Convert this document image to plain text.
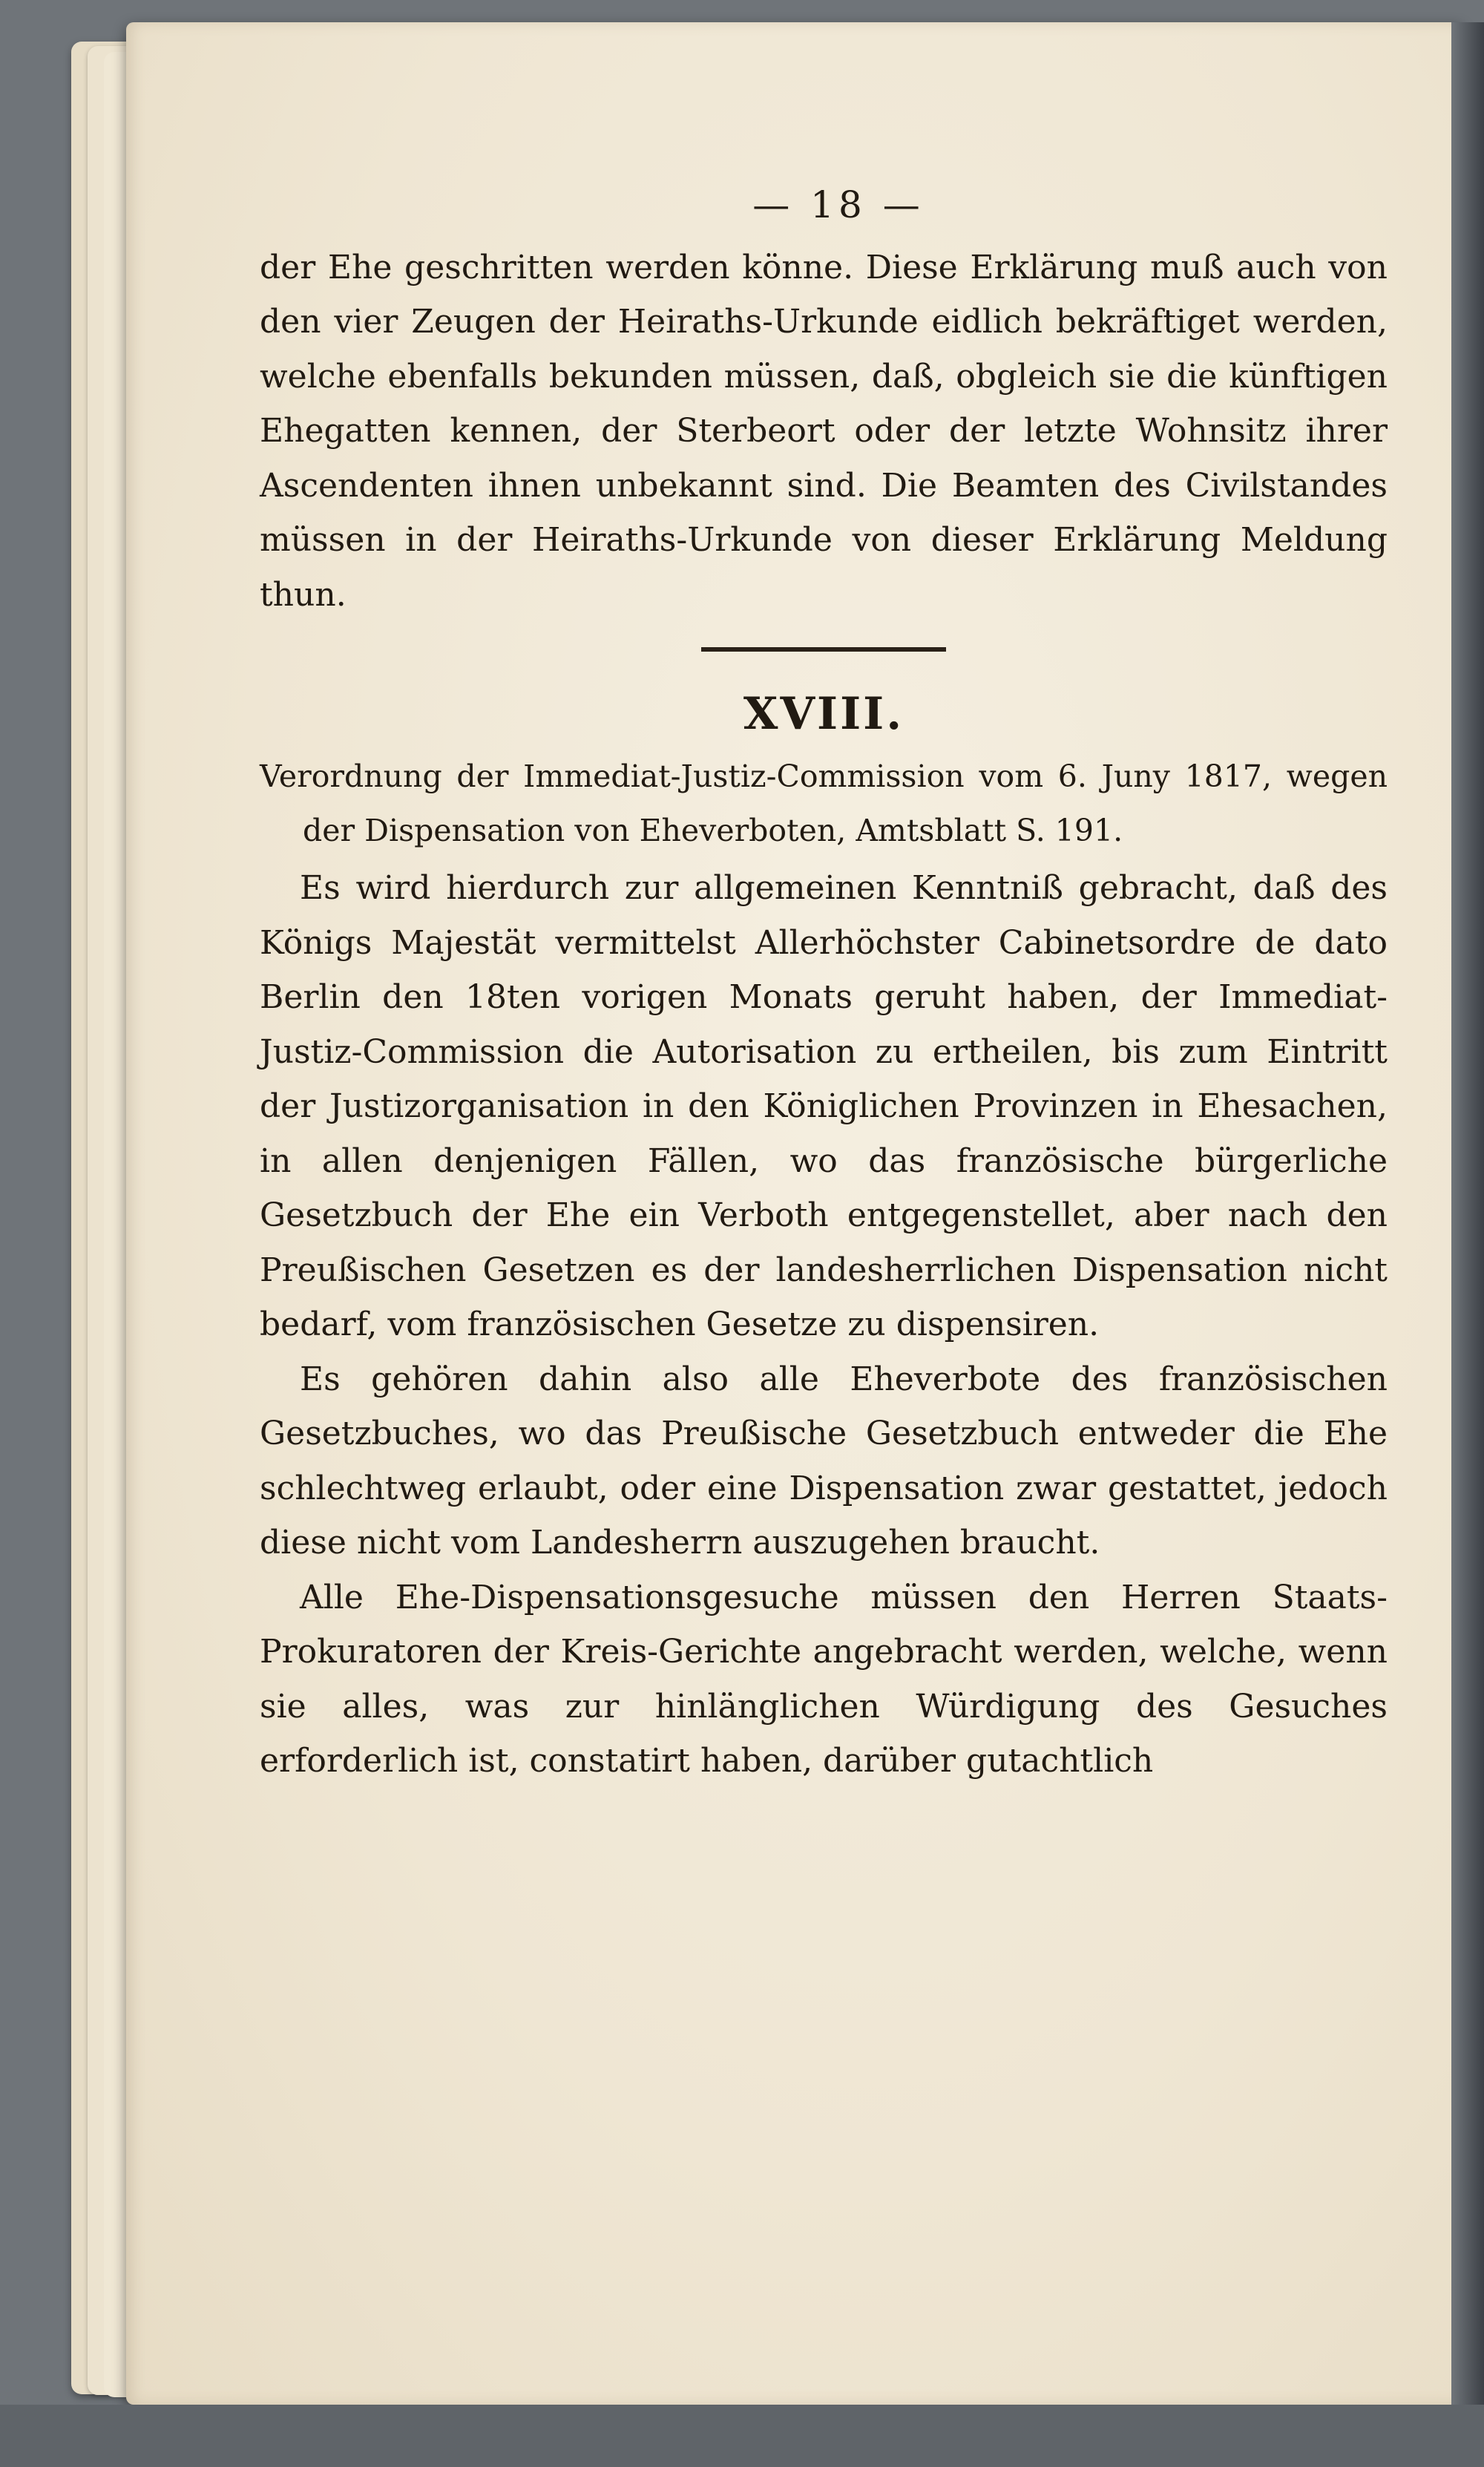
— 18 —

der Ehe geschritten werden könne. Diese Erklärung muß auch von den vier Zeugen der Heiraths-Urkunde eidlich bekräftiget werden, welche ebenfalls bekunden müssen, daß, obgleich sie die künftigen Ehegatten kennen, der Sterbeort oder der letzte Wohnsitz ihrer Ascendenten ihnen unbekannt sind. Die Beamten des Civilstandes müssen in der Heiraths-Urkunde von dieser Erklärung Meldung thun.

XVIII.

Verordnung der Immediat-Justiz-Commission vom 6. Juny 1817, wegen der Dispensation von Eheverboten, Amtsblatt S. 191.

Es wird hierdurch zur allgemeinen Kenntniß gebracht, daß des Königs Majestät vermittelst Allerhöchster Cabinetsordre de dato Berlin den 18ten vorigen Monats geruht haben, der Immediat-Justiz-Commission die Autorisation zu ertheilen, bis zum Eintritt der Justizorganisation in den Königlichen Provinzen in Ehesachen, in allen denjenigen Fällen, wo das französische bürgerliche Gesetzbuch der Ehe ein Verboth entgegenstellet, aber nach den Preußischen Gesetzen es der landesherrlichen Dispensation nicht bedarf, vom französischen Gesetze zu dispensiren.

Es gehören dahin also alle Eheverbote des französischen Gesetzbuches, wo das Preußische Gesetzbuch entweder die Ehe schlechtweg erlaubt, oder eine Dispensation zwar gestattet, jedoch diese nicht vom Landesherrn auszugehen braucht.

Alle Ehe-Dispensationsgesuche müssen den Herren Staats-Prokuratoren der Kreis-Gerichte angebracht werden, welche, wenn sie alles, was zur hinlänglichen Würdigung des Gesuches erforderlich ist, constatirt haben, darüber gutachtlich
